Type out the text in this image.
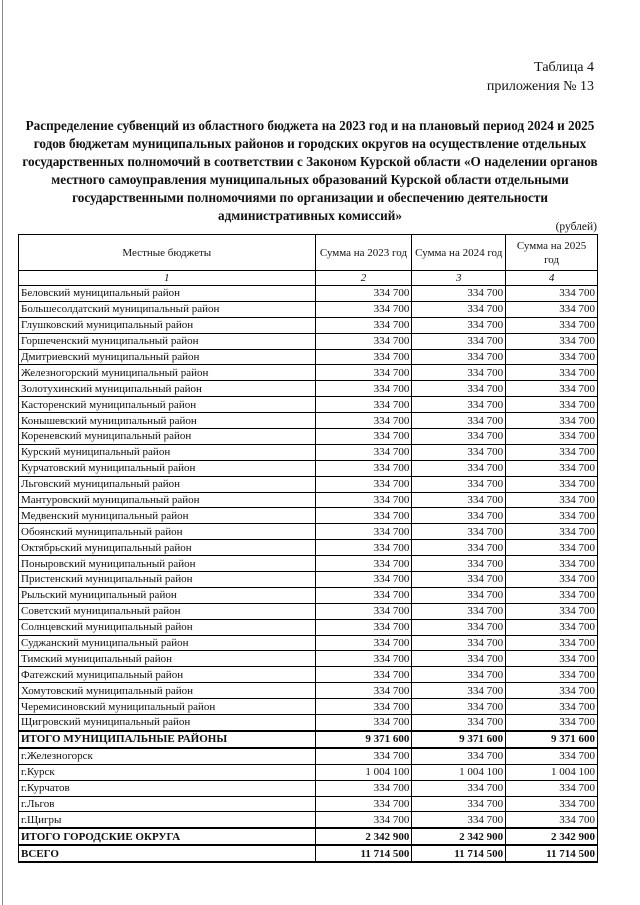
Таблица 4
приложения № 13
Распределение субвенций из областного бюджета на 2023 год и на плановый период 2024 и 2025 годов бюджетам муниципальных районов и городских округов на осуществление отдельных государственных полномочий в соответствии с Законом Курской области «О наделении органов местного самоуправления муниципальных образований Курской области отдельными государственными полномочиями по организации и обеспечению деятельности административных комиссий»
(рублей)
Местные бюджеты	Сумма на 2023 год	Сумма на 2024 год	Сумма на 2025 год
1	2	3	4
Беловский муниципальный район	334 700	334 700	334 700
Большесолдатский муниципальный район	334 700	334 700	334 700
Глушковский муниципальный район	334 700	334 700	334 700
Горшеченский муниципальный район	334 700	334 700	334 700
Дмитриевский муниципальный район	334 700	334 700	334 700
Железногорский муниципальный район	334 700	334 700	334 700
Золотухинский муниципальный район	334 700	334 700	334 700
Касторенский муниципальный район	334 700	334 700	334 700
Конышевский муниципальный район	334 700	334 700	334 700
Кореневский муниципальный район	334 700	334 700	334 700
Курский муниципальный район	334 700	334 700	334 700
Курчатовский муниципальный район	334 700	334 700	334 700
Льговский муниципальный район	334 700	334 700	334 700
Мантуровский муниципальный район	334 700	334 700	334 700
Медвенский муниципальный район	334 700	334 700	334 700
Обоянский муниципальный район	334 700	334 700	334 700
Октябрьский муниципальный район	334 700	334 700	334 700
Поныровский муниципальный район	334 700	334 700	334 700
Пристенский муниципальный район	334 700	334 700	334 700
Рыльский муниципальный район	334 700	334 700	334 700
Советский муниципальный район	334 700	334 700	334 700
Солнцевский муниципальный район	334 700	334 700	334 700
Суджанский муниципальный район	334 700	334 700	334 700
Тимский муниципальный район	334 700	334 700	334 700
Фатежский муниципальный район	334 700	334 700	334 700
Хомутовский муниципальный район	334 700	334 700	334 700
Черемисиновский муниципальный район	334 700	334 700	334 700
Щигровский муниципальный район	334 700	334 700	334 700
ИТОГО МУНИЦИПАЛЬНЫЕ РАЙОНЫ	9 371 600	9 371 600	9 371 600
г.Железногорск	334 700	334 700	334 700
г.Курск	1 004 100	1 004 100	1 004 100
г.Курчатов	334 700	334 700	334 700
г.Льгов	334 700	334 700	334 700
г.Щигры	334 700	334 700	334 700
ИТОГО ГОРОДСКИЕ ОКРУГА	2 342 900	2 342 900	2 342 900
ВСЕГО	11 714 500	11 714 500	11 714 500
